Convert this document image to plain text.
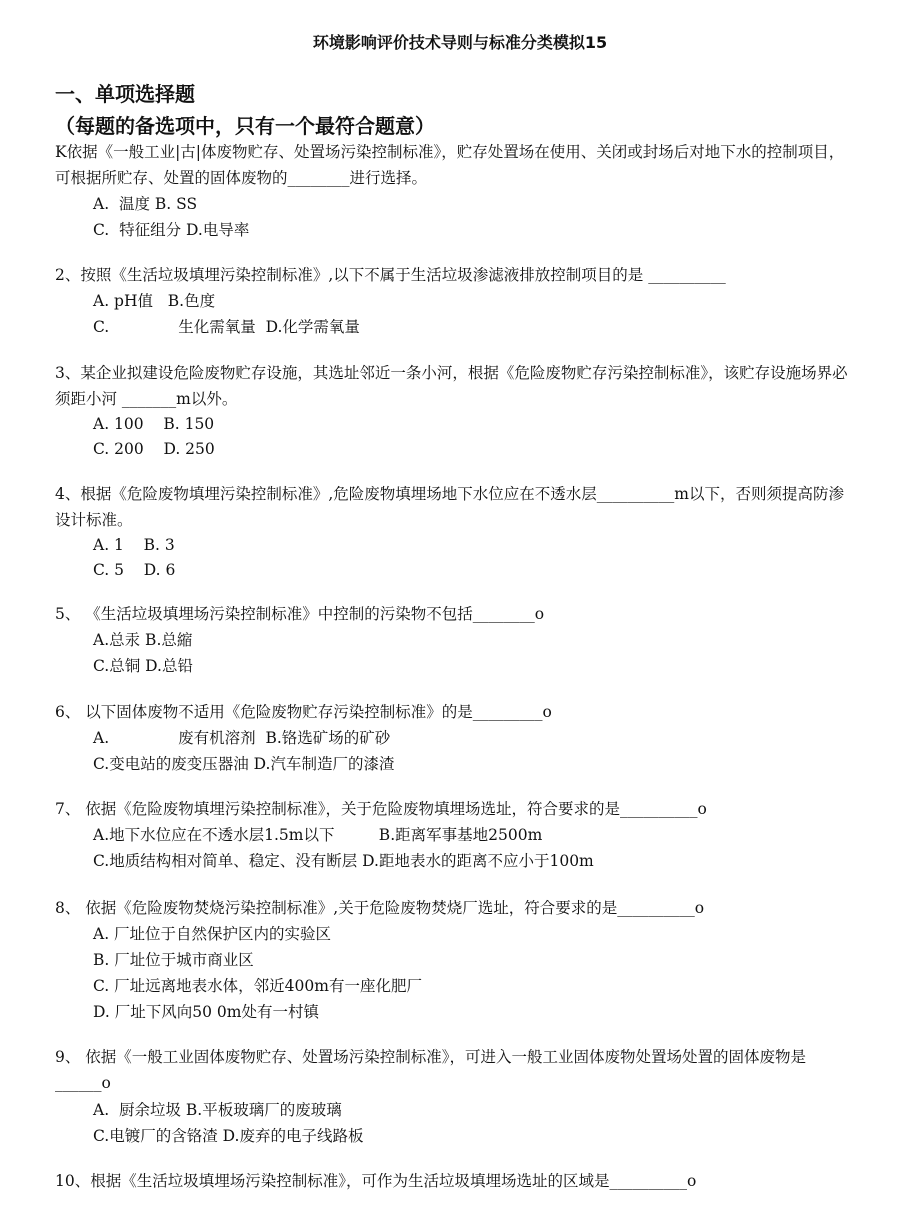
环境影响评价技术导则与标准分类模拟15
一、单项选择题
（每题的备选项中，只有一个最符合题意）
K依据《一般工业|古|体废物贮存、处置场污染控制标准》，贮存处置场在使用、关闭或封场后对地下水的控制项目，可根据所贮存、处置的固体废物的________进行选择。
A.  温度 B. SS
C.  特征组分 D.电导率
2、按照《生活垃圾填埋污染控制标准》,以下不属于生活垃圾渗滤液排放控制项目的是 __________
A. pH值   B.色度
C.              生化需氧量  D.化学需氧量
3、某企业拟建设危险废物贮存设施，其选址邻近一条小河，根据《危险废物贮存污染控制标准》，该贮存设施场界必须距小河 _______m以外。
A. 100    B. 150
C. 200    D. 250
4、根据《危险废物填埋污染控制标准》,危险废物填埋场地下水位应在不透水层__________m以下，否则须提高防渗设计标准。
A. 1    B. 3
C. 5    D. 6
5、 《生活垃圾填埋场污染控制标准》中控制的污染物不包括________o
A.总汞 B.总縮
C.总铜 D.总铅
6、 以下固体废物不适用《危险废物贮存污染控制标准》的是_________o
A.              废有机溶剂  B.铬选矿场的矿砂
C.变电站的废变压器油 D.汽车制造厂的漆渣
7、 依据《危险废物填埋污染控制标准》，关于危险废物填埋场选址，符合要求的是__________o
A.地下水位应在不透水层1.5m以下         B.距离军事基地2500m
C.地质结构相对简单、稳定、没有断层 D.距地表水的距离不应小于100m
8、 依据《危险废物焚烧污染控制标准》,关于危险废物焚烧厂选址，符合要求的是__________o
A. 厂址位于自然保护区内的实验区
B. 厂址位于城市商业区
C. 厂址远离地表水体，邻近400m有一座化肥厂
D. 厂址下风向50 0m处有一村镇
9、 依据《一般工业固体废物贮存、处置场污染控制标准》，可进入一般工业固体废物处置场处置的固体废物是 ______o
A.  厨余垃圾 B.平板玻璃厂的废玻璃
C.电镀厂的含铬渣 D.废弃的电子线路板
10、根据《生活垃圾填埋场污染控制标准》，可作为生活垃圾填埋场选址的区域是__________o
